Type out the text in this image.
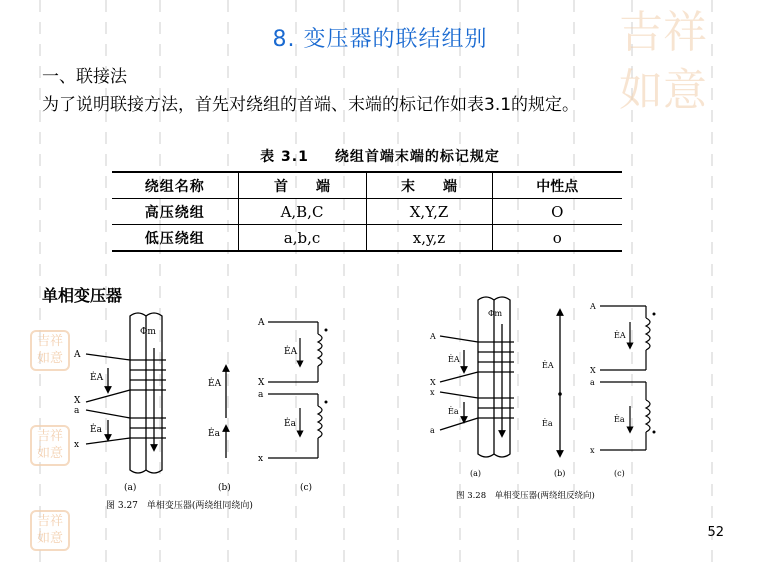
吉祥
如意
吉祥
如意
吉祥
如意
吉祥
如意
8. 变压器的联结组别
一、联接法
为了说明联接方法，首先对绕组的首端、末端的标记作如表3.1的规定。
表 3.1 绕组首端末端的标记规定
绕组名称	首　　端	末　　端	中性点
高压绕组	A,B,C	X,Y,Z	O
低压绕组	a,b,c	x,y,z	o
单相变压器
Φm
A
X
a
x
ĖA
Ėa
(a)	(b)	(c)
ĖA
Ėa
A
X
a
x
ĖA
Ėa
图 3.27　单相变压器(两绕组同绕向)
Φm
A
X
x
a
ĖA
Ėa
(a)	(b)	(c)
ĖA
Ėa
A
X
a
x
ĖA
Ėa
图 3.28　单相变压器(两绕组反绕向)
52
